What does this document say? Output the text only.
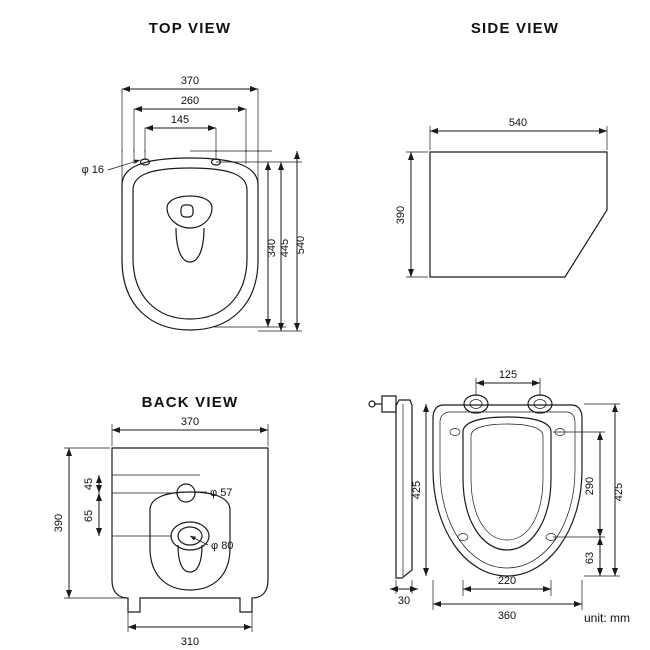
TOP VIEW
φ 16
370
260
145
540
445
340
SIDE VIEW
540
390
BACK VIEW
φ 57
φ 80
370
310
45
65
390
30
425
125
220
360
425
290
63
unit: mm
